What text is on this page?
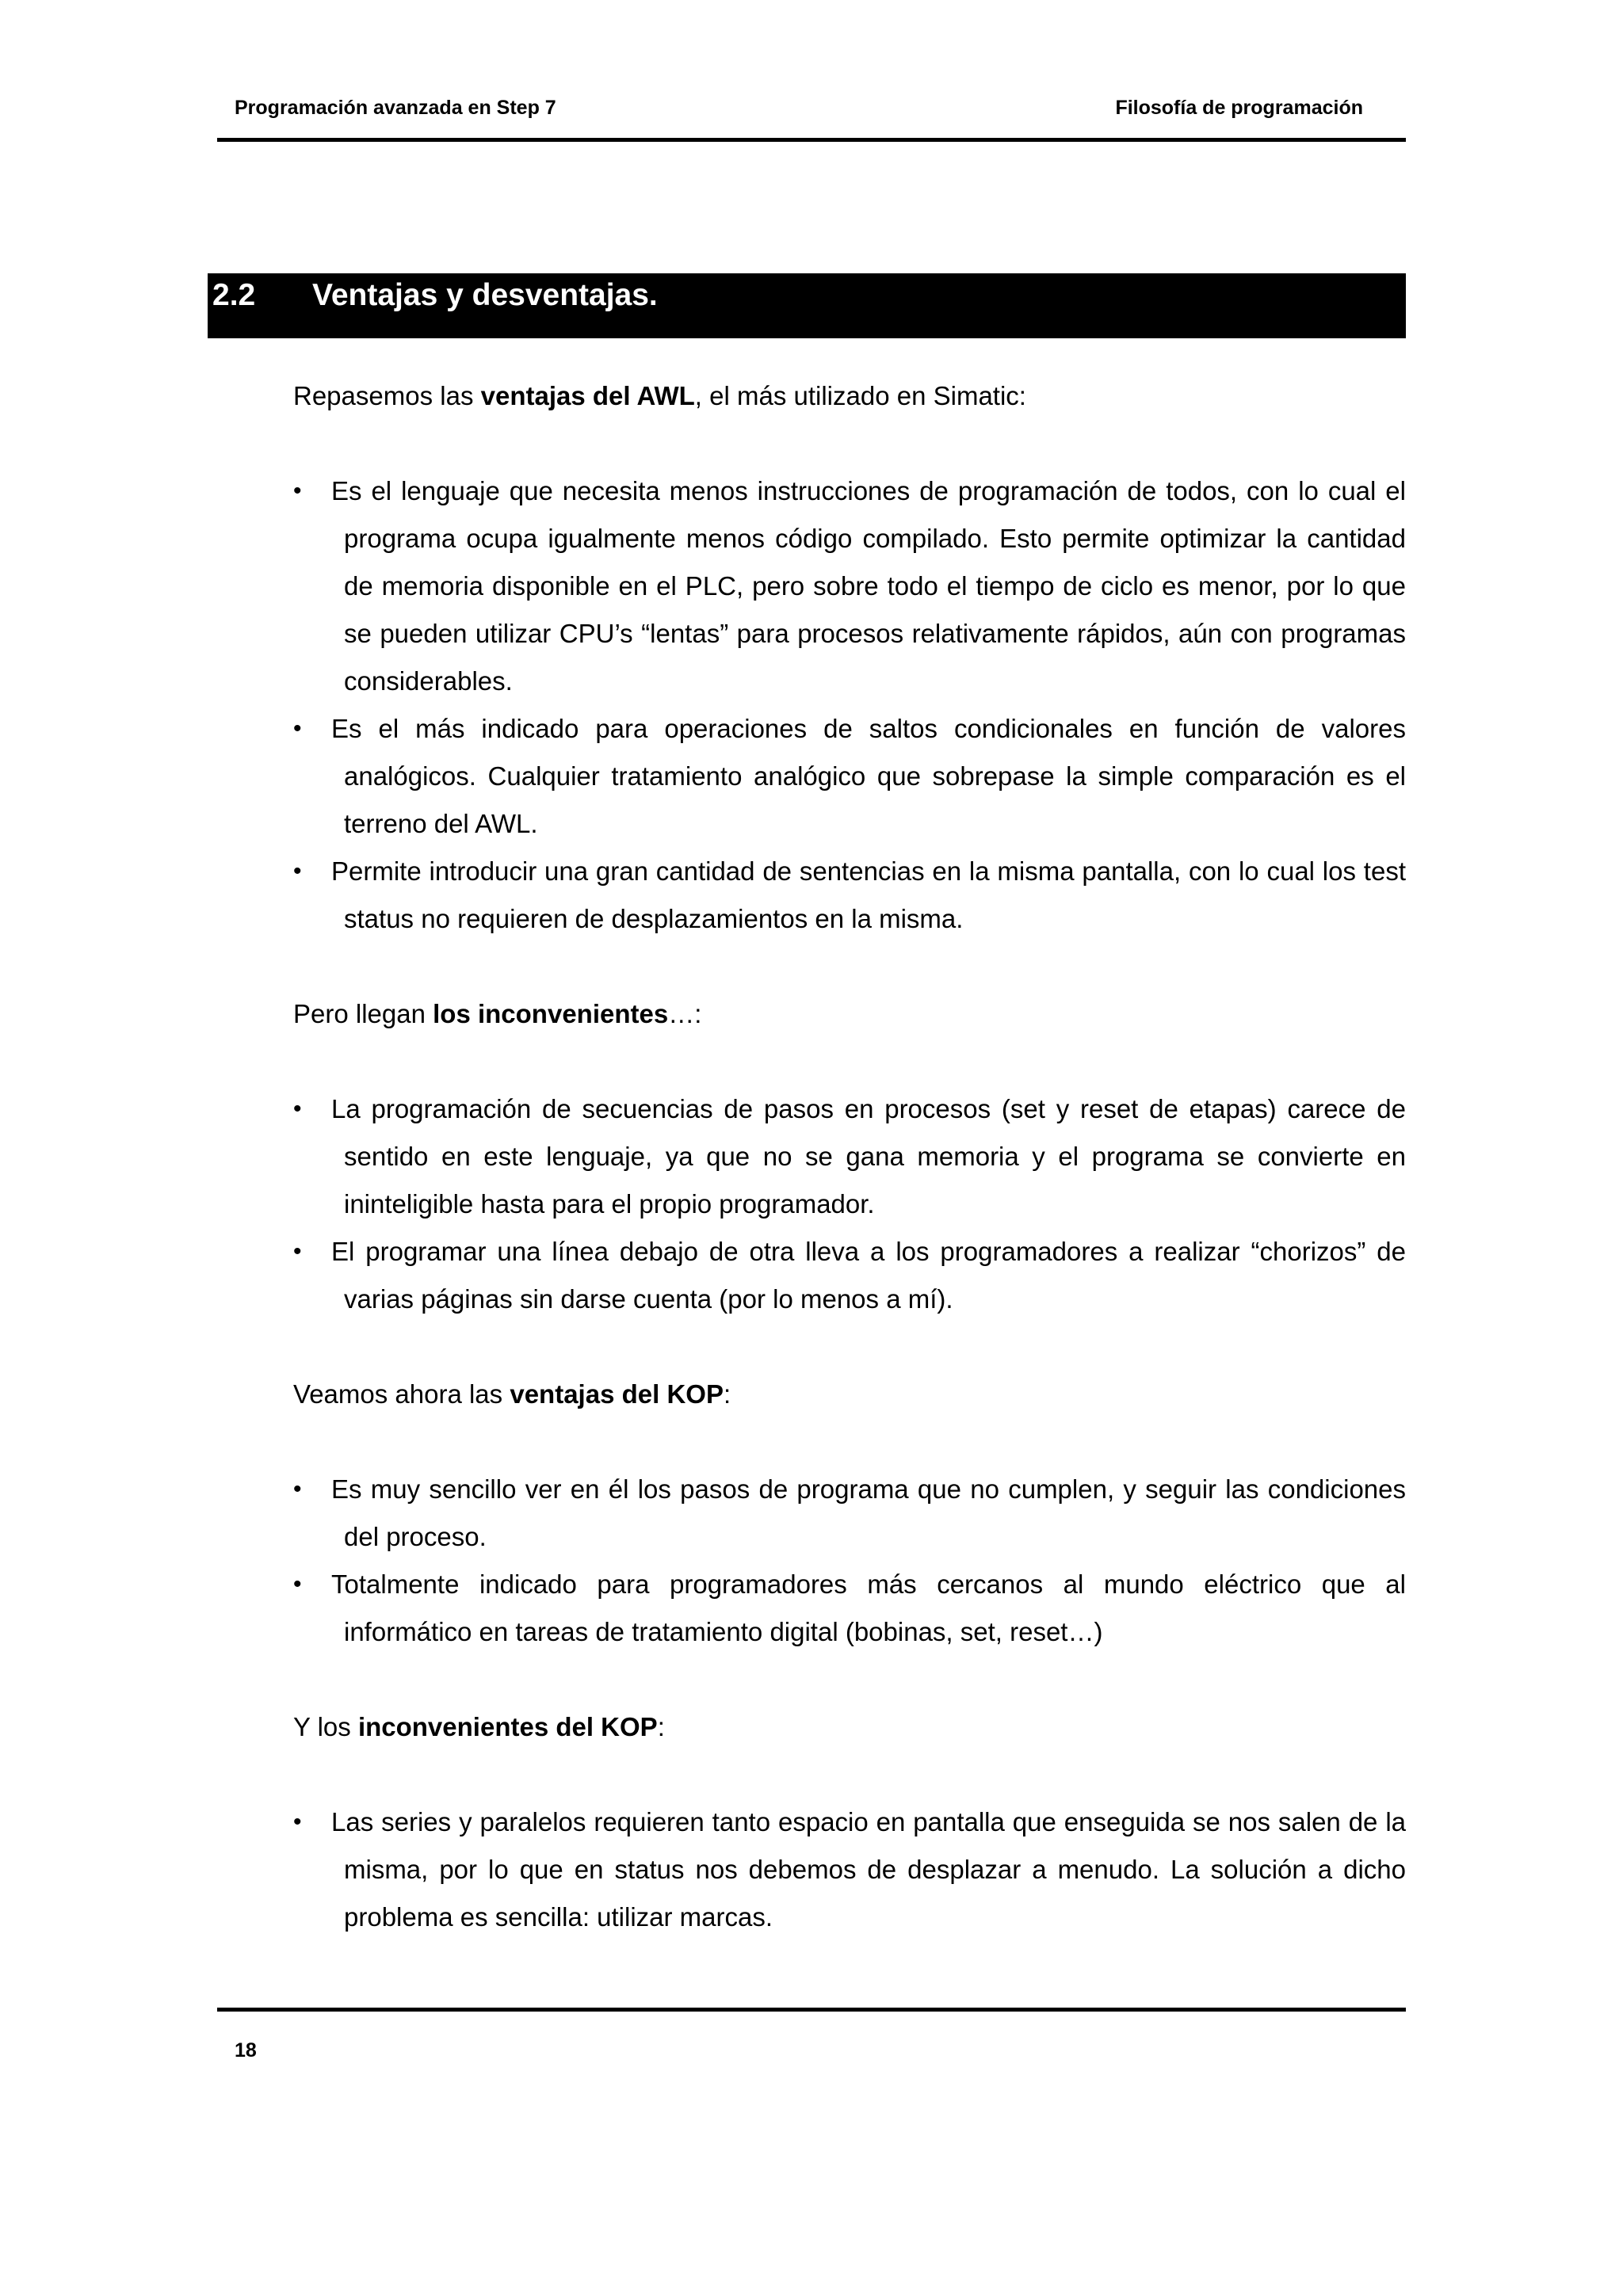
Programación avanzada en Step 7	Filosofía de programación
2.2 Ventajas y desventajas.

Repasemos las ventajas del AWL, el más utilizado en Simatic:

• Es el lenguaje que necesita menos instrucciones de programación de todos, con lo cual el programa ocupa igualmente menos código compilado. Esto permite optimizar la cantidad de memoria disponible en el PLC, pero sobre todo el tiempo de ciclo es menor, por lo que se pueden utilizar CPU’s “lentas” para procesos relativamente rápidos, aún con programas considerables.
• Es el más indicado para operaciones de saltos condicionales en función de valores analógicos. Cualquier tratamiento analógico que sobrepase la simple comparación es el terreno del AWL.
• Permite introducir una gran cantidad de sentencias en la misma pantalla, con lo cual los test status no requieren de desplazamientos en la misma.

Pero llegan los inconvenientes…:

• La programación de secuencias de pasos en procesos (set y reset de etapas) carece de sentido en este lenguaje, ya que no se gana memoria y el programa se convierte en ininteligible hasta para el propio programador.
• El programar una línea debajo de otra lleva a los programadores a realizar “chorizos” de varias páginas sin darse cuenta (por lo menos a mí).

Veamos ahora las ventajas del KOP:

• Es muy sencillo ver en él los pasos de programa que no cumplen, y seguir las condiciones del proceso.
• Totalmente indicado para programadores más cercanos al mundo eléctrico que al informático en tareas de tratamiento digital (bobinas, set, reset…)

Y los inconvenientes del KOP:

• Las series y paralelos requieren tanto espacio en pantalla que enseguida se nos salen de la misma, por lo que en status nos debemos de desplazar a menudo. La solución a dicho problema es sencilla: utilizar marcas.
18
